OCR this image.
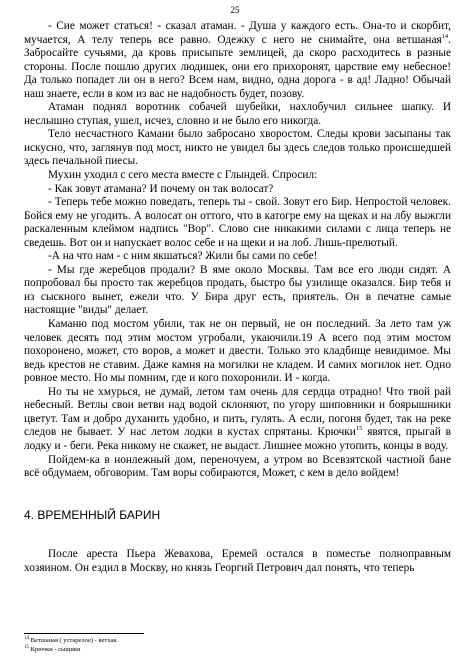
25

- Сие может статься! - сказал атаман. - Душа у каждого есть. Она-то и скорбит, мучается, А телу теперь все равно. Одежку с него не снимайте, она ветшаная$^{14}$. Забросайте сучьями, да кровь присыпьте землицей, да скоро расходитесь в разные стороны. После пошлю других людишек, они его прихоронят, царствие ему небесное! Да только попадет ли он в него? Всем нам, видно, одна дорога - в ад! Ладно! Обычай наш знаете, если в ком из вас не надобность будет, позову.

Атаман поднял воротник собачей шубейки, нахлобучил сильнее шапку. И неслышно ступая, ушел, исчез, словно и не было его никогда.

Тело несчастного Камани было забросано хворостом. Следы крови засыпаны так искусно, что, заглянув под мост, никто не увидел бы здесь следов только происшедшей здесь печальной пиесы.

Мухин уходил с сего места вместе с Глындей. Спросил:

- Как зовут атамана? И почему он так волосат?

- Теперь тебе можно поведать, теперь ты - свой. Зовут его Бир. Непростой человек. Бойся ему не угодить. А волосат он оттого, что в катогре ему на щеках и на лбу выжгли раскаленным клеймом надпись "Вор". Слово сие никакими силами с лица теперь не сведешь. Вот он и напускает волос себе и на щеки и на лоб. Лишь-прелютый.

-А на что нам - с ним якшаться? Жили бы сами по себе!

- Мы где жеребцов продали? В яме около Москвы. Там все его люди сидят. А попробовал бы просто так жеребцов продать, быстро бы узилище оказался. Бир тебя и из сыскного вынет, ежели что. У Бира друг есть, приятель. Он в печатне самые настоящие "виды" делает.

Каманю под мостом убили, так не он первый, не он последний. За лето там уж человек десять под этим мостом угробали, укаючили.19 А всего под этим мостом похоронено, может, сто воров, а может и двести. Только это кладбище невидимое. Мы ведь крестов не ставим. Даже камня на могилки не кладем. И самих могилок нет. Одно ровное место. Но мы помним, где и кого похоронили. И - когда.

Но ты не хмурься, не думай, летом там очень для сердца отрадно! Что твой рай небесный. Ветлы свои ветви над водой склоняют, по угору шиповники и боярышники цветут. Там и добро духанить удобно, и пить, гулять. А если, погоня будет, так на реке следов не бывает. У нас летом лодки в кустах спрятаны. Крючки$^{15}$ явятся, прыгай в лодку и - беги. Река никому не скажет, не выдаст. Лишнее можно утопить, концы в воду.

Пойдем-ка в нонлежный дом, переночуем, а утром во Всевзятской частной бане всё обдумаем, обговорим. Там воры собираются, Может, с кем в дело войдем!

4. ВРЕМЕННЫЙ БАРИН

После ареста Пьера Жевахова, Еремей остался в поместье полноправным хозяином. Он ездил в Москву, но князь Георгий Петрович дал понять, что теперь

$^{14}$ Ветшаная ( устарелое) - ветхая.
$^{15}$ Крючки - сыщики
